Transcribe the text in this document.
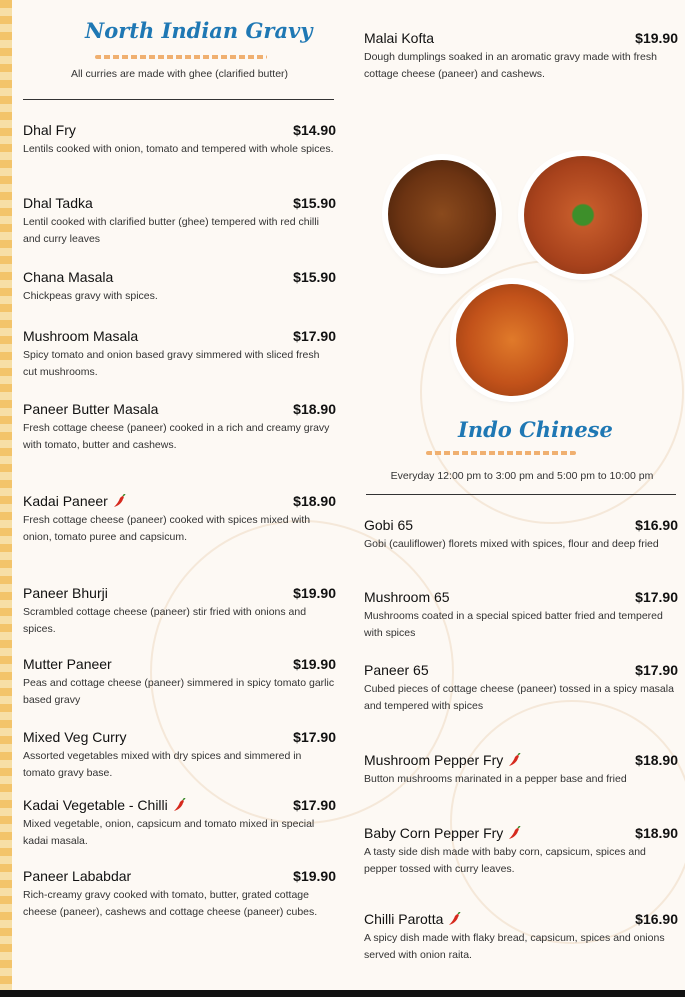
North Indian Gravy
All curries are made with ghee (clarified butter)
Dhal Fry	$14.90
Lentils cooked with onion, tomato and tempered with whole spices.
Dhal Tadka	$15.90
Lentil cooked with clarified butter (ghee) tempered with red chilli and curry leaves
Chana Masala	$15.90
Chickpeas gravy with spices.
Mushroom Masala	$17.90
Spicy tomato and onion based gravy simmered with sliced fresh cut mushrooms.
Paneer Butter Masala	$18.90
Fresh cottage cheese (paneer) cooked in a rich and creamy gravy with tomato, butter and cashews.
Kadai Paneer	$18.90
Fresh cottage cheese (paneer) cooked with spices mixed with onion, tomato puree and capsicum.
Paneer Bhurji	$19.90
Scrambled cottage cheese (paneer) stir fried with onions and spices.
Mutter Paneer	$19.90
Peas and cottage cheese (paneer) simmered in spicy tomato garlic based gravy
Mixed Veg Curry	$17.90
Assorted vegetables mixed with dry spices and simmered in tomato gravy base.
Kadai Vegetable - Chilli	$17.90
Mixed vegetable, onion, capsicum and tomato mixed in special kadai masala.
Paneer Lababdar	$19.90
Rich-creamy gravy cooked with tomato, butter, grated cottage cheese (paneer), cashews and cottage cheese (paneer) cubes.
Malai Kofta	$19.90
Dough dumplings soaked in an aromatic gravy made with fresh cottage cheese (paneer) and cashews.
Indo Chinese
Everyday 12:00 pm to 3:00 pm and 5:00 pm to 10:00 pm
Gobi 65	$16.90
Gobi (cauliflower) florets mixed with spices, flour and deep fried
Mushroom 65	$17.90
Mushrooms coated in a special spiced batter fried and tempered with spices
Paneer 65	$17.90
Cubed pieces of cottage cheese (paneer) tossed in a spicy masala and tempered with spices
Mushroom Pepper Fry	$18.90
Button mushrooms marinated in a pepper base and fried
Baby Corn Pepper Fry	$18.90
A tasty side dish made with baby corn, capsicum, spices and pepper tossed with curry leaves.
Chilli Parotta	$16.90
A spicy dish made with flaky bread, capsicum, spices and onions served with onion raita.
